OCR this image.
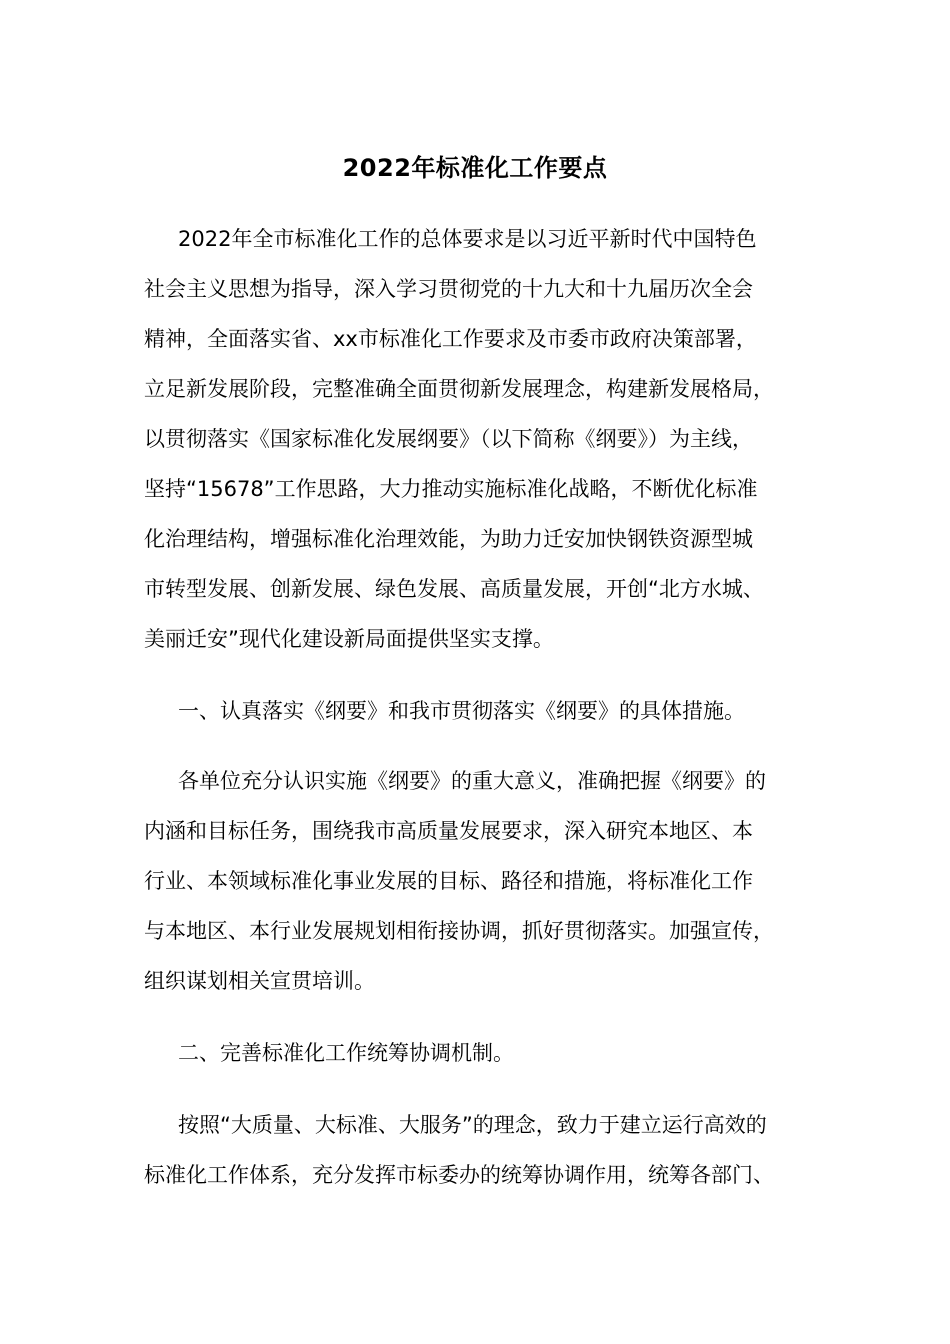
2022年标准化工作要点
2022年全市标准化工作的总体要求是以习近平新时代中国特色
社会主义思想为指导，深入学习贯彻党的十九大和十九届历次全会
精神，全面落实省、xx市标准化工作要求及市委市政府决策部署，
立足新发展阶段，完整准确全面贯彻新发展理念，构建新发展格局，
以贯彻落实《国家标准化发展纲要》（以下简称《纲要》）为主线，
坚持“15678”工作思路，大力推动实施标准化战略，不断优化标准
化治理结构，增强标准化治理效能，为助力迁安加快钢铁资源型城
市转型发展、创新发展、绿色发展、高质量发展，开创“北方水城、
美丽迁安”现代化建设新局面提供坚实支撑。
一、认真落实《纲要》和我市贯彻落实《纲要》的具体措施。
各单位充分认识实施《纲要》的重大意义，准确把握《纲要》的
内涵和目标任务，围绕我市高质量发展要求，深入研究本地区、本
行业、本领域标准化事业发展的目标、路径和措施，将标准化工作
与本地区、本行业发展规划相衔接协调，抓好贯彻落实。加强宣传，
组织谋划相关宣贯培训。
二、完善标准化工作统筹协调机制。
按照“大质量、大标准、大服务”的理念，致力于建立运行高效的
标准化工作体系，充分发挥市标委办的统筹协调作用，统筹各部门、
